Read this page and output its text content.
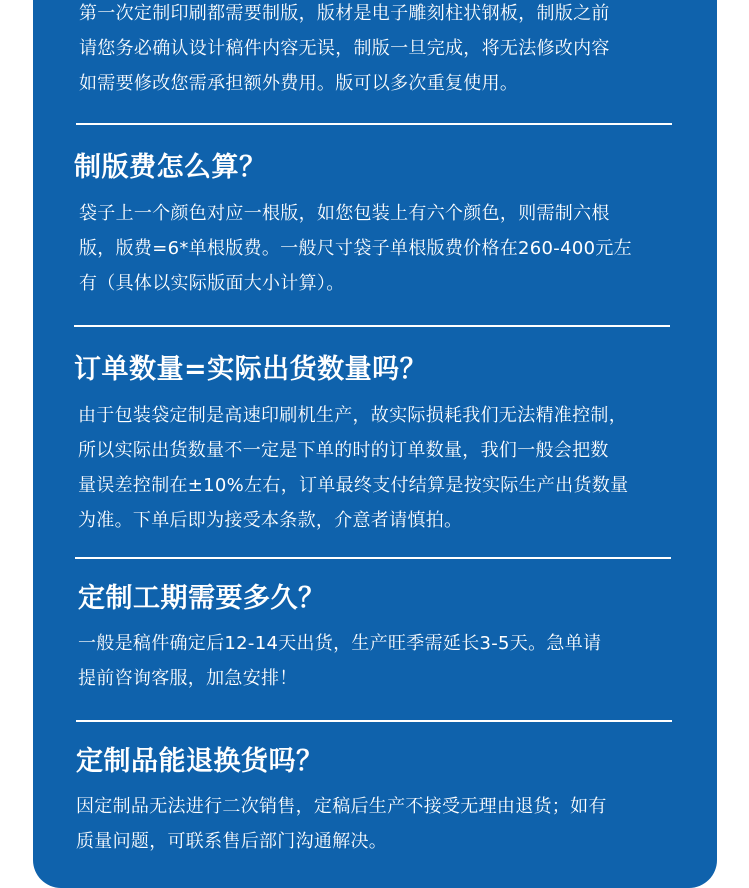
第一次定制印刷都需要制版，版材是电子雕刻柱状钢板，制版之前
请您务必确认设计稿件内容无误，制版一旦完成，将无法修改内容
如需要修改您需承担额外费用。版可以多次重复使用。

制版费怎么算？

袋子上一个颜色对应一根版，如您包装上有六个颜色，则需制六根
版，版费=6*单根版费。一般尺寸袋子单根版费价格在260-400元左
有（具体以实际版面大小计算）。

订单数量=实际出货数量吗？

由于包装袋定制是高速印刷机生产，故实际损耗我们无法精准控制，
所以实际出货数量不一定是下单的时的订单数量，我们一般会把数
量误差控制在±10%左右，订单最终支付结算是按实际生产出货数量
为准。下单后即为接受本条款，介意者请慎拍。

定制工期需要多久？

一般是稿件确定后12-14天出货，生产旺季需延长3-5天。急单请
提前咨询客服，加急安排！

定制品能退换货吗？

因定制品无法进行二次销售，定稿后生产不接受无理由退货；如有
质量问题，可联系售后部门沟通解决。
